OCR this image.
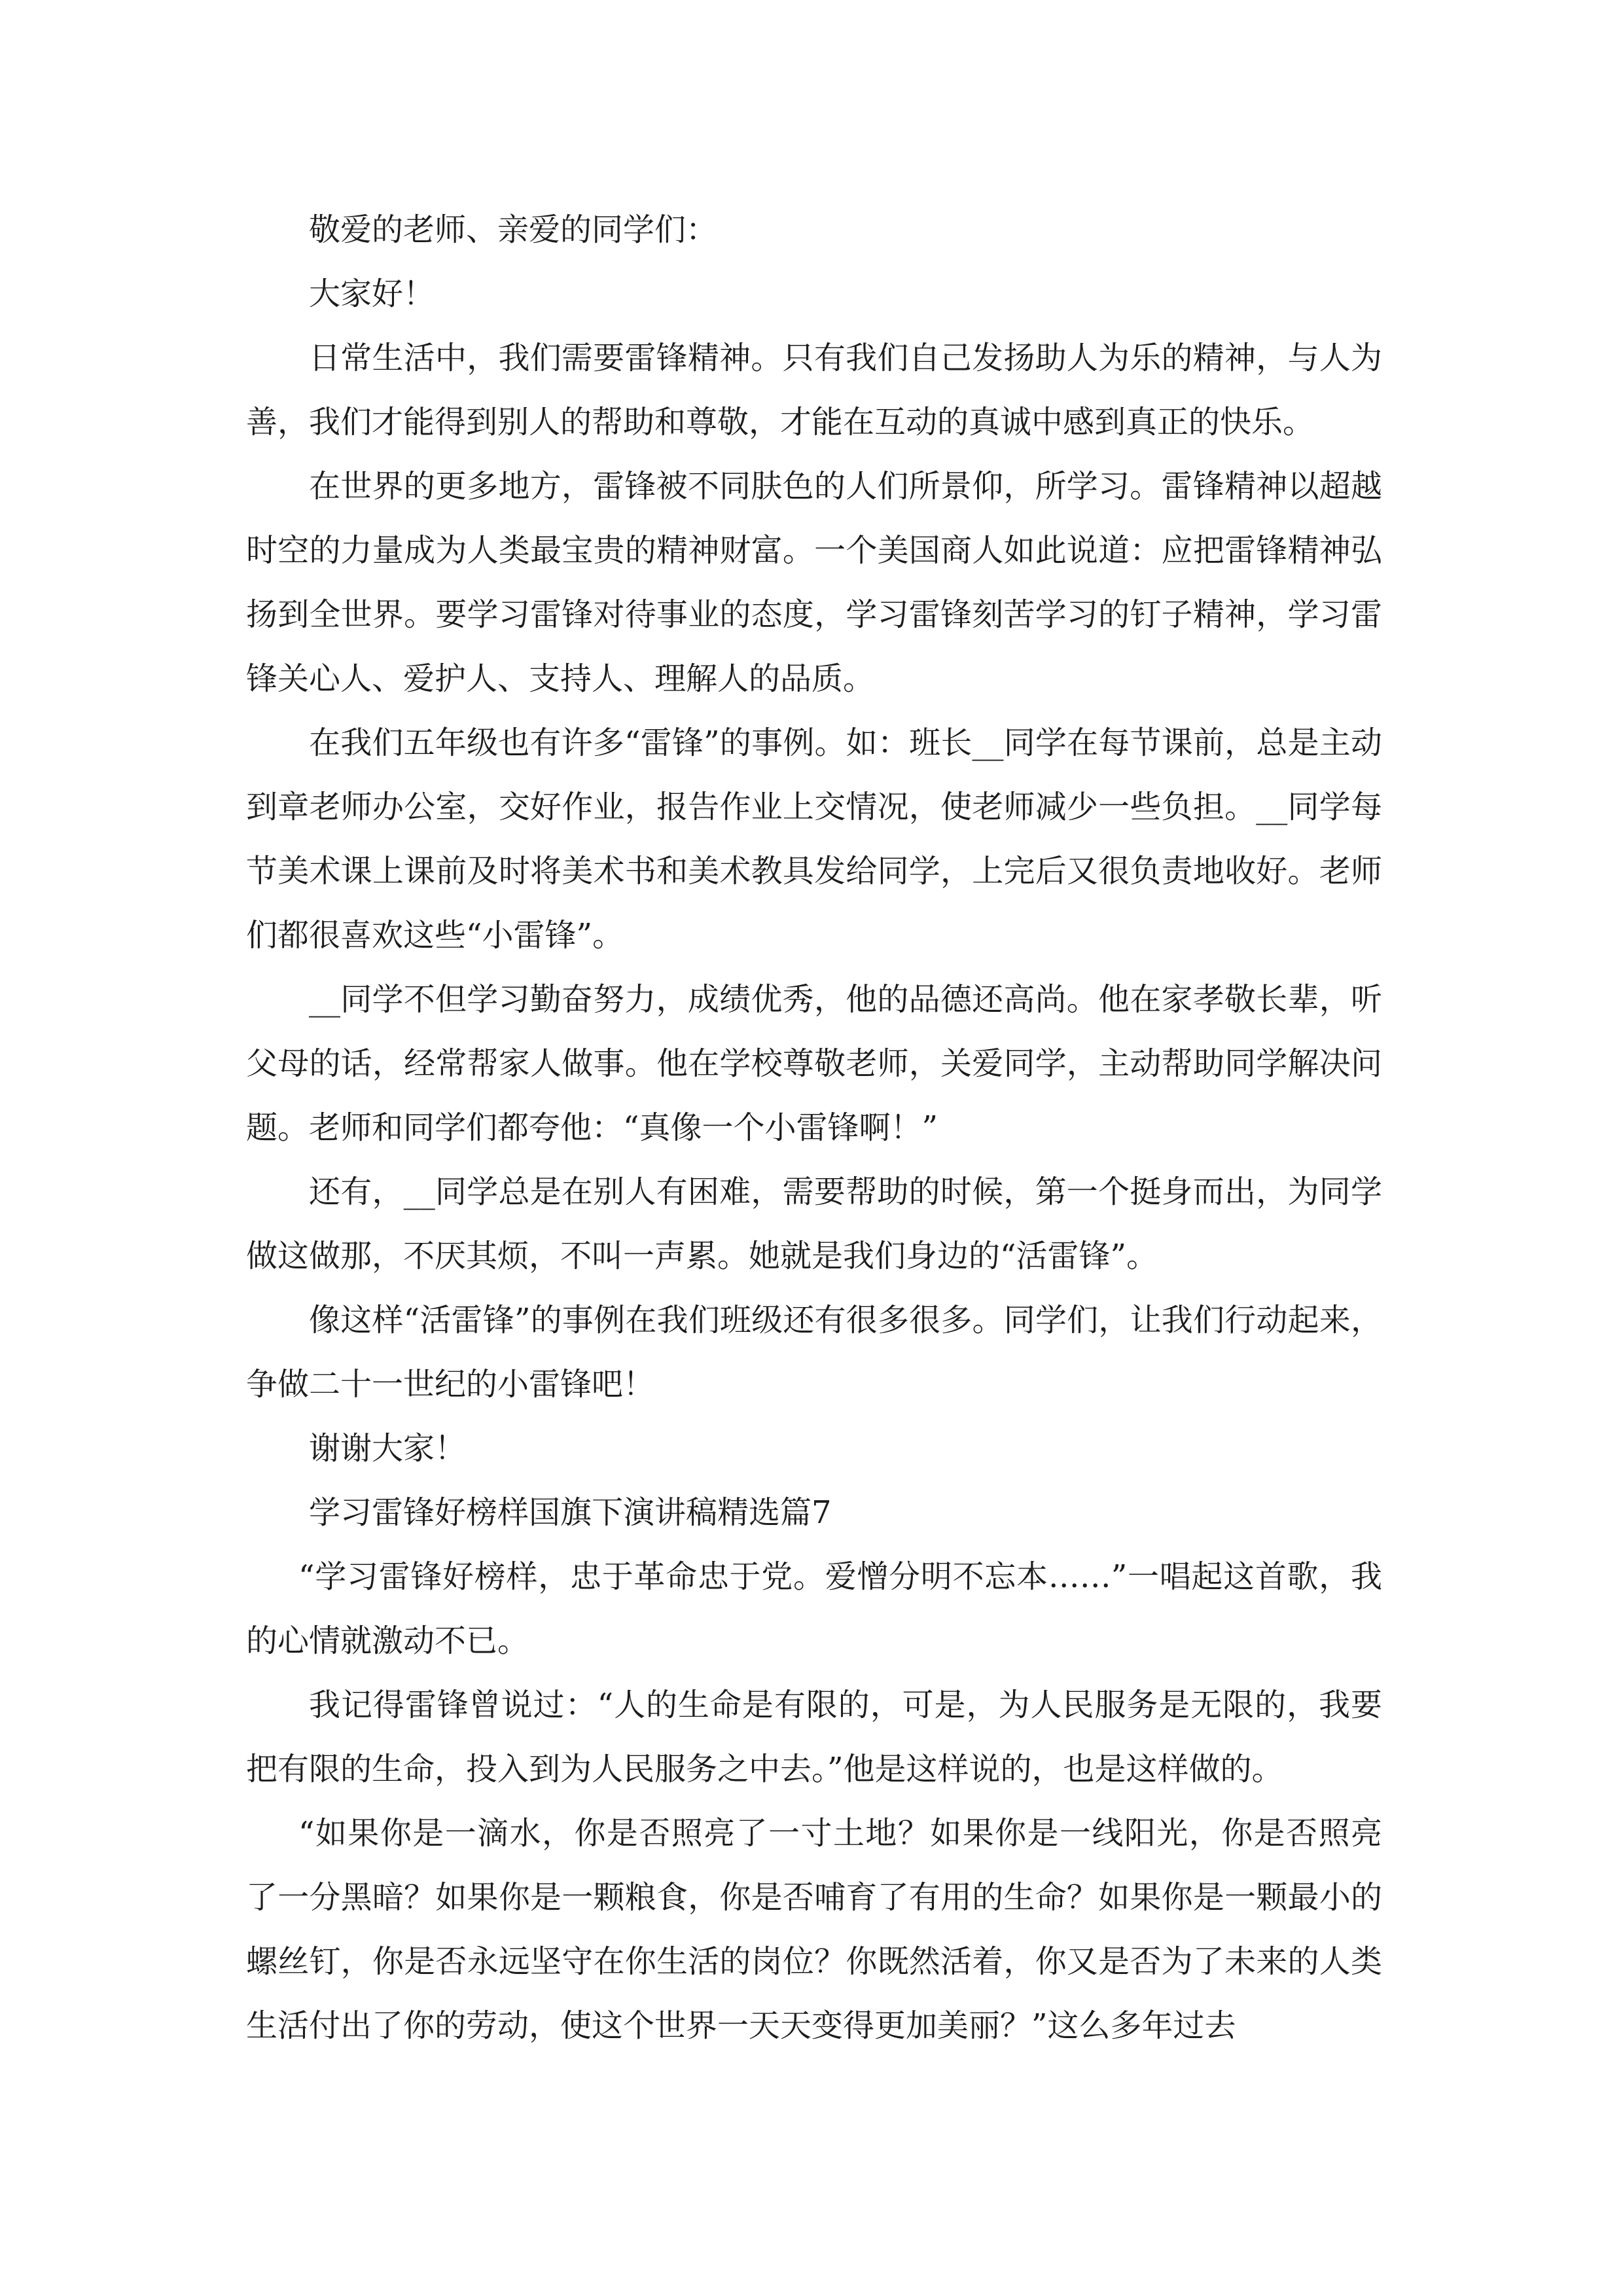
敬爱的老师、亲爱的同学们：

大家好！

日常生活中，我们需要雷锋精神。只有我们自己发扬助人为乐的精神，与人为善，我们才能得到别人的帮助和尊敬，才能在互动的真诚中感到真正的快乐。

在世界的更多地方，雷锋被不同肤色的人们所景仰，所学习。雷锋精神以超越时空的力量成为人类最宝贵的精神财富。一个美国商人如此说道：应把雷锋精神弘扬到全世界。要学习雷锋对待事业的态度，学习雷锋刻苦学习的钉子精神，学习雷锋关心人、爱护人、支持人、理解人的品质。

在我们五年级也有许多“雷锋”的事例。如：班长__同学在每节课前，总是主动到章老师办公室，交好作业，报告作业上交情况，使老师减少一些负担。__同学每节美术课上课前及时将美术书和美术教具发给同学，上完后又很负责地收好。老师们都很喜欢这些“小雷锋”。

__同学不但学习勤奋努力，成绩优秀，他的品德还高尚。他在家孝敬长辈，听父母的话，经常帮家人做事。他在学校尊敬老师，关爱同学，主动帮助同学解决问题。老师和同学们都夸他：“真像一个小雷锋啊！”

还有，__同学总是在别人有困难，需要帮助的时候，第一个挺身而出，为同学做这做那，不厌其烦，不叫一声累。她就是我们身边的“活雷锋”。

像这样“活雷锋”的事例在我们班级还有很多很多。同学们，让我们行动起来，争做二十一世纪的小雷锋吧！

谢谢大家！

学习雷锋好榜样国旗下演讲稿精选篇7

“学习雷锋好榜样，忠于革命忠于党。爱憎分明不忘本……”一唱起这首歌，我的心情就激动不已。

我记得雷锋曾说过：“人的生命是有限的，可是，为人民服务是无限的，我要把有限的生命，投入到为人民服务之中去。”他是这样说的，也是这样做的。

“如果你是一滴水，你是否照亮了一寸土地？如果你是一线阳光，你是否照亮了一分黑暗？如果你是一颗粮食，你是否哺育了有用的生命？如果你是一颗最小的螺丝钉，你是否永远坚守在你生活的岗位？你既然活着，你又是否为了未来的人类生活付出了你的劳动，使这个世界一天天变得更加美丽？”这么多年过去
